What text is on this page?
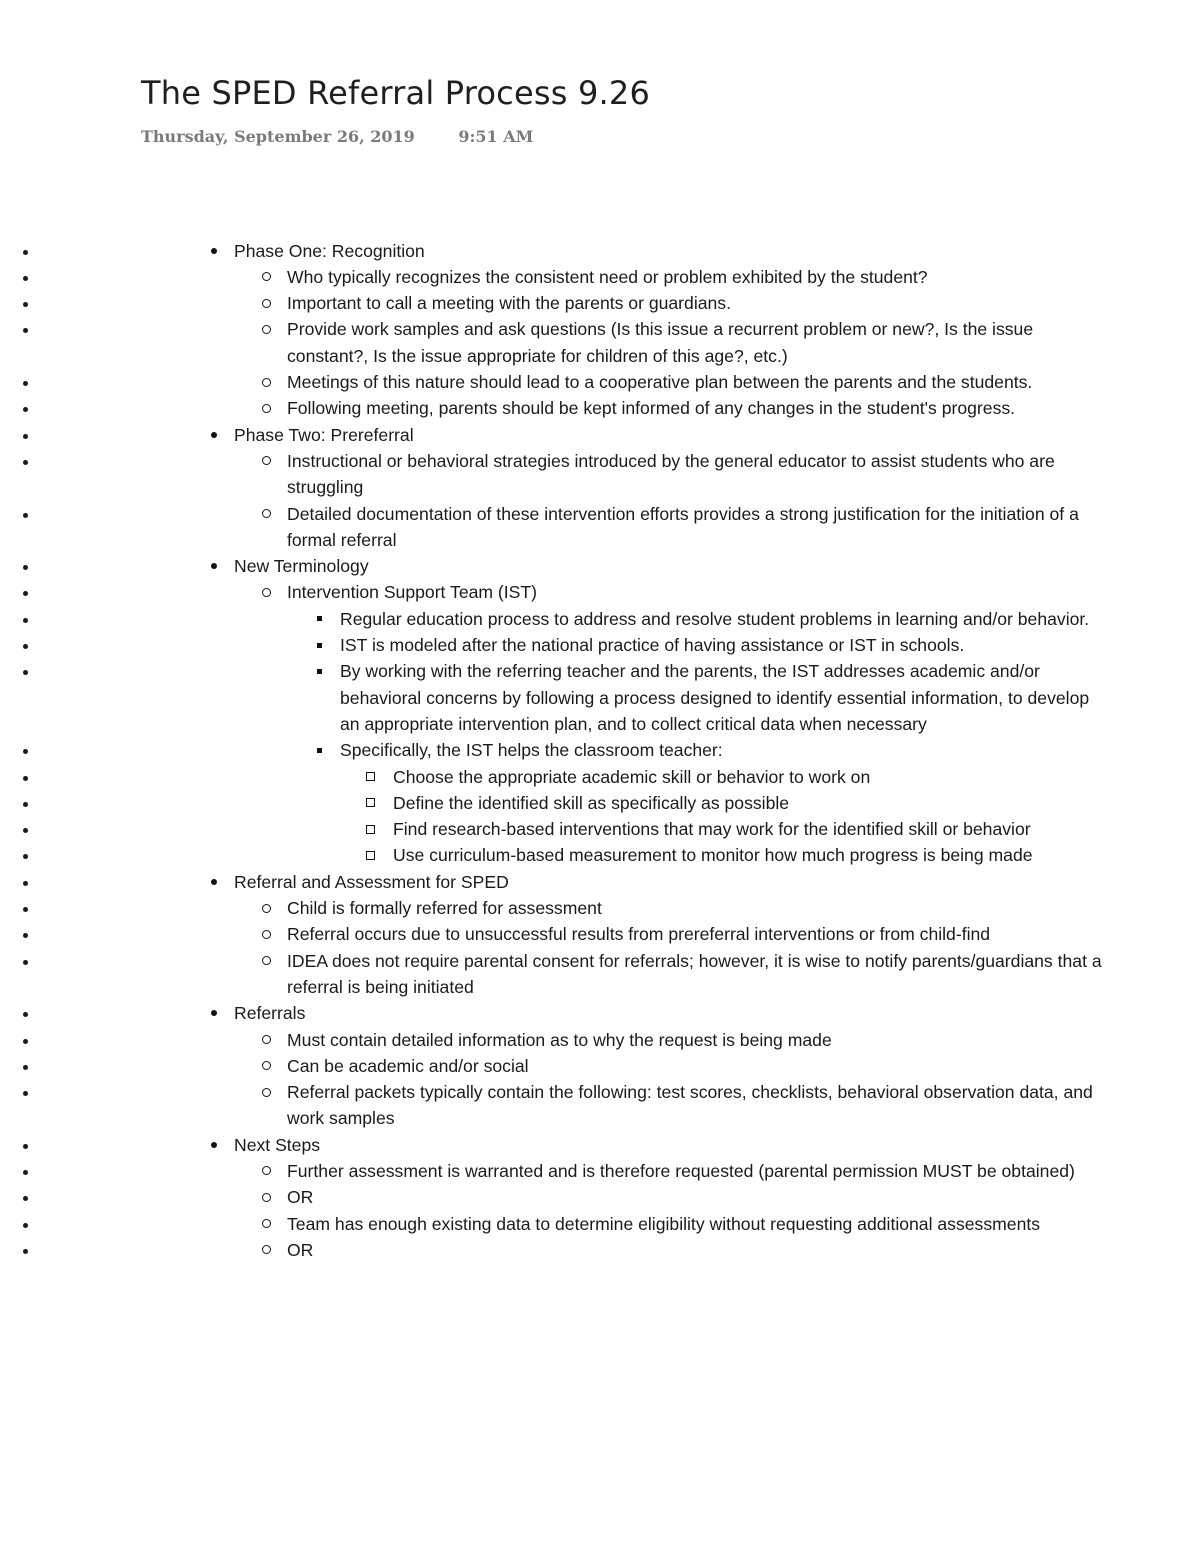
The SPED Referral Process 9.26
Thursday, September 26, 2019	9:51 AM
• Phase One: Recognition
• Who typically recognizes the consistent need or problem exhibited by the student?
• Important to call a meeting with the parents or guardians.
• Provide work samples and ask questions (Is this issue a recurrent problem or new?, Is the issue constant?, Is the issue appropriate for children of this age?, etc.)
• Meetings of this nature should lead to a cooperative plan between the parents and the students.
• Following meeting, parents should be kept informed of any changes in the student's progress.
• Phase Two: Prereferral
• Instructional or behavioral strategies introduced by the general educator to assist students who are struggling
• Detailed documentation of these intervention efforts provides a strong justification for the initiation of a formal referral
• New Terminology
• Intervention Support Team (IST)
• Regular education process to address and resolve student problems in learning and/or behavior.
• IST is modeled after the national practice of having assistance or IST in schools.
• By working with the referring teacher and the parents, the IST addresses academic and/or behavioral concerns by following a process designed to identify essential information, to develop an appropriate intervention plan, and to collect critical data when necessary
• Specifically, the IST helps the classroom teacher:
• Choose the appropriate academic skill or behavior to work on
• Define the identified skill as specifically as possible
• Find research-based interventions that may work for the identified skill or behavior
• Use curriculum-based measurement to monitor how much progress is being made
• Referral and Assessment for SPED
• Child is formally referred for assessment
• Referral occurs due to unsuccessful results from prereferral interventions or from child-find
• IDEA does not require parental consent for referrals; however, it is wise to notify parents/guardians that a referral is being initiated
• Referrals
• Must contain detailed information as to why the request is being made
• Can be academic and/or social
• Referral packets typically contain the following: test scores, checklists, behavioral observation data, and work samples
• Next Steps
• Further assessment is warranted and is therefore requested (parental permission MUST be obtained)
• OR
• Team has enough existing data to determine eligibility without requesting additional assessments
• OR
